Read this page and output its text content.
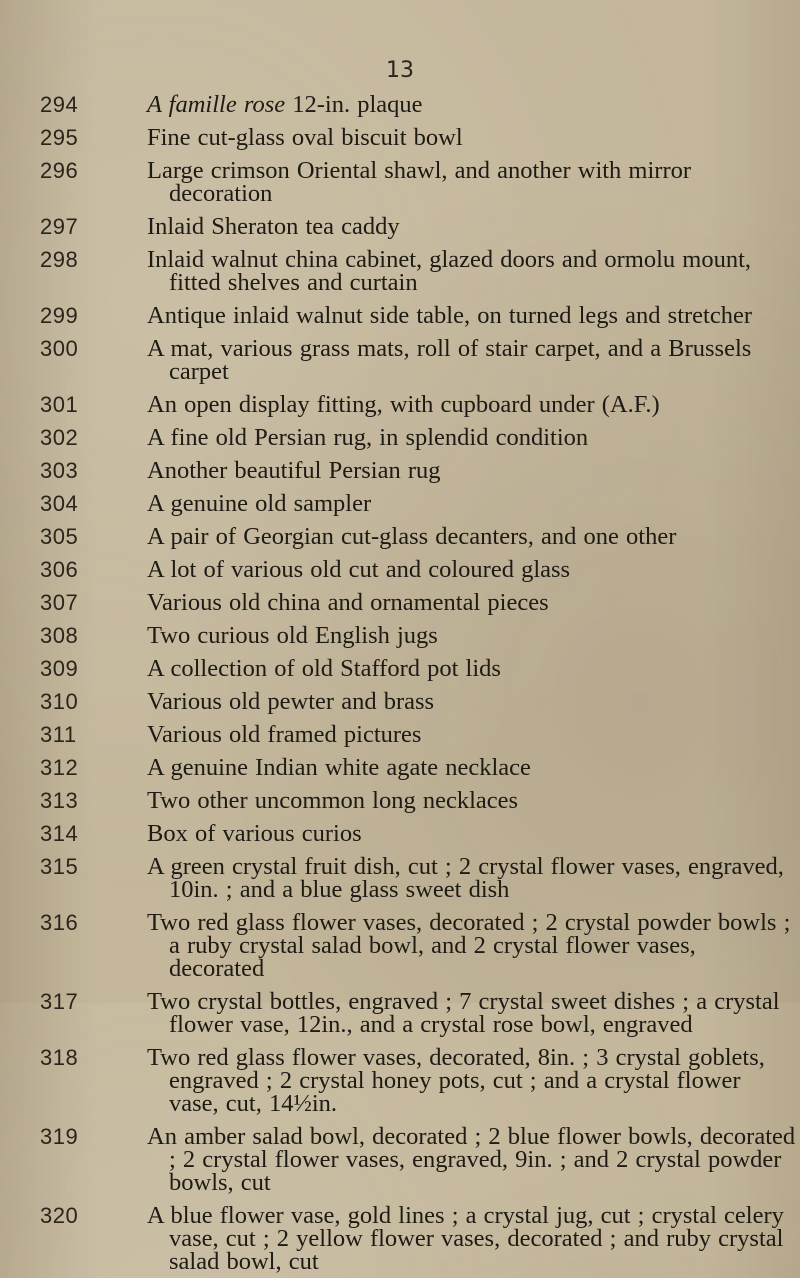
13
294	A famille rose 12-in. plaque
295	Fine cut-glass oval biscuit bowl
296	Large crimson Oriental shawl, and another with mirror decoration
297	Inlaid Sheraton tea caddy
298	Inlaid walnut china cabinet, glazed doors and ormolu mount, fitted shelves and curtain
299	Antique inlaid walnut side table, on turned legs and stretcher
300	A mat, various grass mats, roll of stair carpet, and a Brussels carpet
301	An open display fitting, with cupboard under (A.F.)
302	A fine old Persian rug, in splendid condition
303	Another beautiful Persian rug
304	A genuine old sampler
305	A pair of Georgian cut-glass decanters, and one other
306	A lot of various old cut and coloured glass
307	Various old china and ornamental pieces
308	Two curious old English jugs
309	A collection of old Stafford pot lids
310	Various old pewter and brass
311	Various old framed pictures
312	A genuine Indian white agate necklace
313	Two other uncommon long necklaces
314	Box of various curios
315	A green crystal fruit dish, cut ; 2 crystal flower vases, engraved, 10in. ; and a blue glass sweet dish
316	Two red glass flower vases, decorated ; 2 crystal powder bowls ; a ruby crystal salad bowl, and 2 crystal flower vases, decorated
317	Two crystal bottles, engraved ; 7 crystal sweet dishes ; a crystal flower vase, 12in., and a crystal rose bowl, engraved
318	Two red glass flower vases, decorated, 8in. ; 3 crystal goblets, engraved ; 2 crystal honey pots, cut ; and a crystal flower vase, cut, 14½in.
319	An amber salad bowl, decorated ; 2 blue flower bowls, decorated ; 2 crystal flower vases, engraved, 9in. ; and 2 crystal powder bowls, cut
320	A blue flower vase, gold lines ; a crystal jug, cut ; crystal celery vase, cut ; 2 yellow flower vases, decorated ; and ruby crystal salad bowl, cut
